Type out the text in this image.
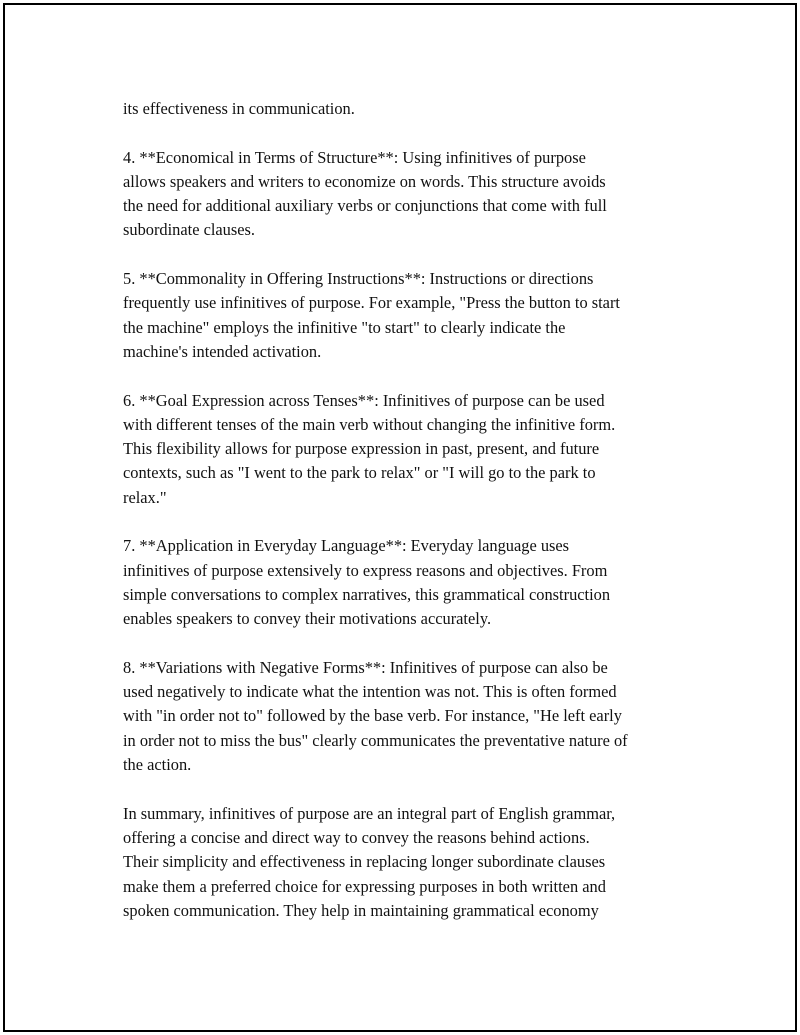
its effectiveness in communication.

4. **Economical in Terms of Structure**: Using infinitives of purpose
allows speakers and writers to economize on words. This structure avoids
the need for additional auxiliary verbs or conjunctions that come with full
subordinate clauses.

5. **Commonality in Offering Instructions**: Instructions or directions
frequently use infinitives of purpose. For example, "Press the button to start
the machine" employs the infinitive "to start" to clearly indicate the
machine's intended activation.

6. **Goal Expression across Tenses**: Infinitives of purpose can be used
with different tenses of the main verb without changing the infinitive form.
This flexibility allows for purpose expression in past, present, and future
contexts, such as "I went to the park to relax" or "I will go to the park to
relax."

7. **Application in Everyday Language**: Everyday language uses
infinitives of purpose extensively to express reasons and objectives. From
simple conversations to complex narratives, this grammatical construction
enables speakers to convey their motivations accurately.

8. **Variations with Negative Forms**: Infinitives of purpose can also be
used negatively to indicate what the intention was not. This is often formed
with "in order not to" followed by the base verb. For instance, "He left early
in order not to miss the bus" clearly communicates the preventative nature of
the action.

In summary, infinitives of purpose are an integral part of English grammar,
offering a concise and direct way to convey the reasons behind actions.
Their simplicity and effectiveness in replacing longer subordinate clauses
make them a preferred choice for expressing purposes in both written and
spoken communication. They help in maintaining grammatical economy
